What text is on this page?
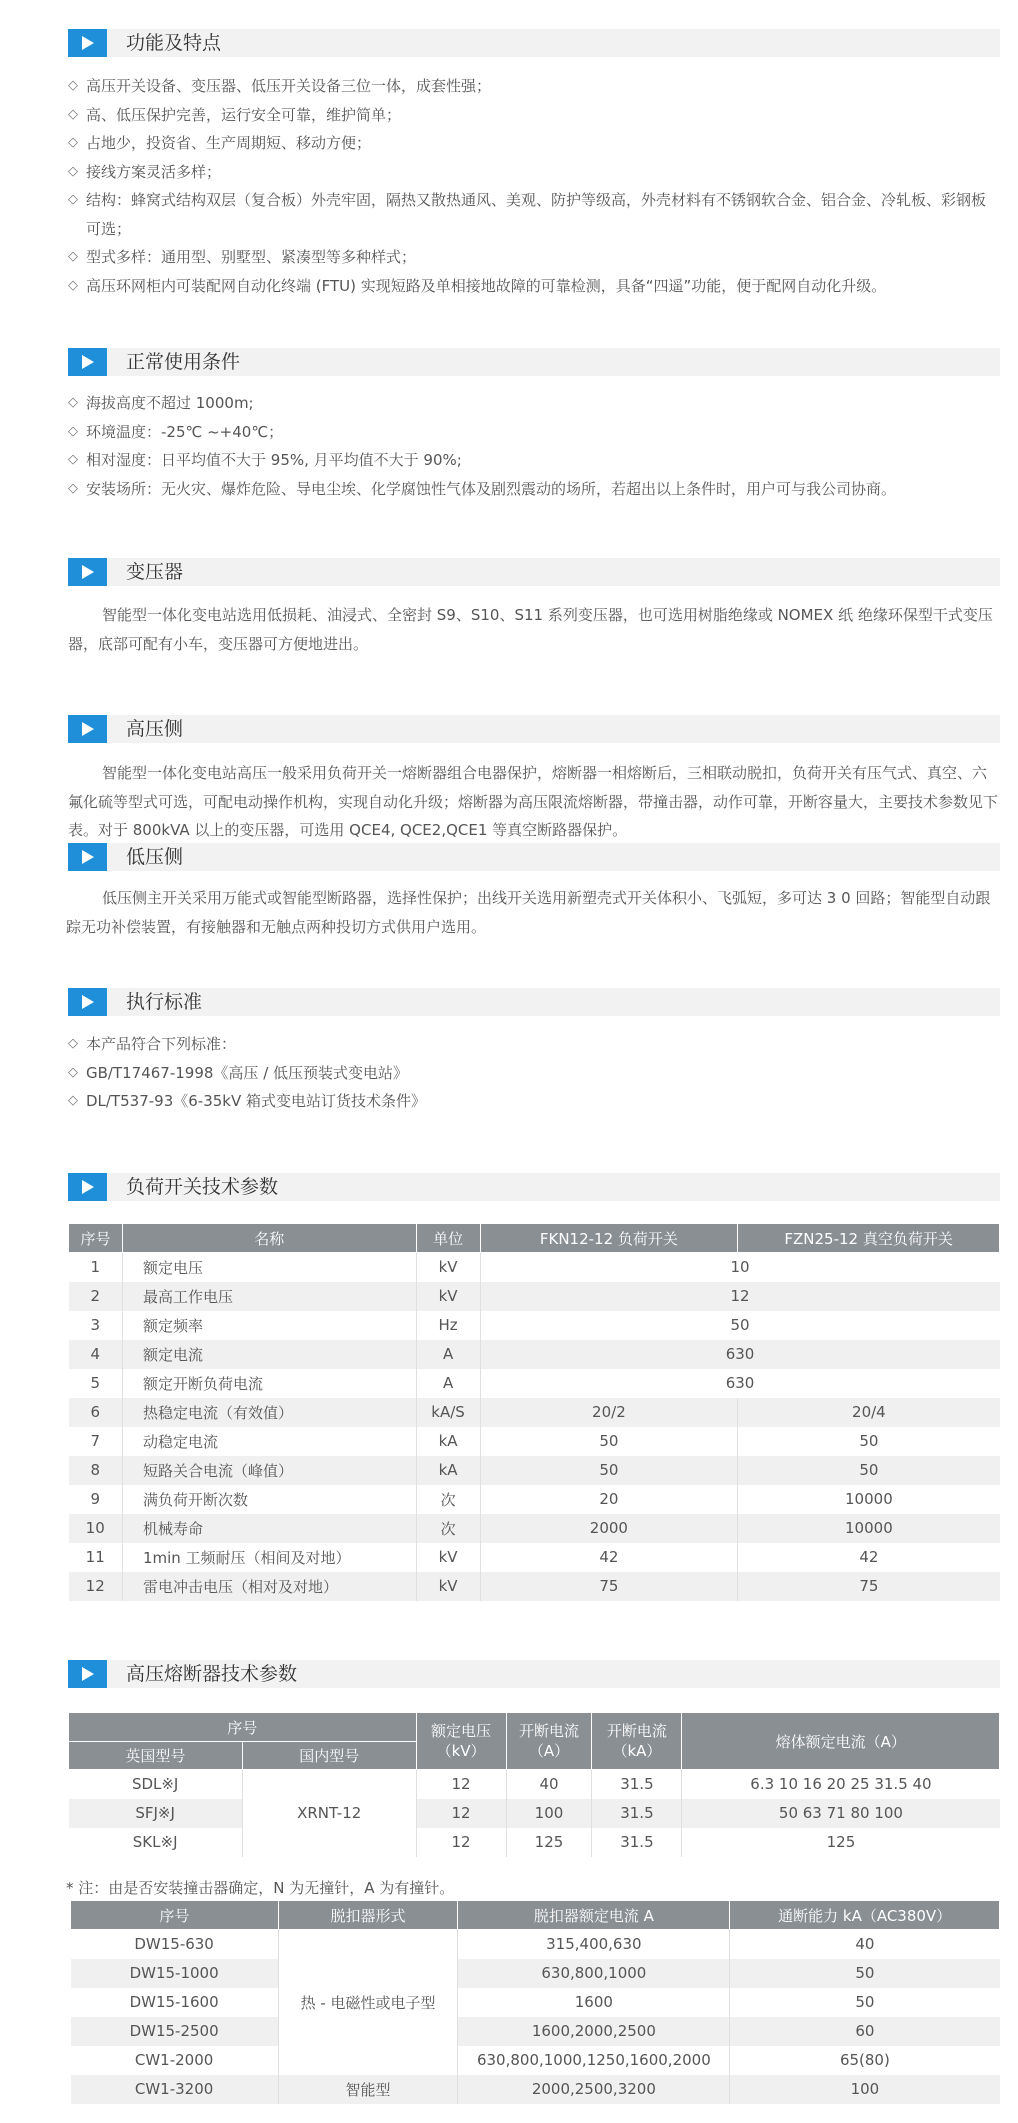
功能及特点
◇ 高压开关设备、变压器、低压开关设备三位一体，成套性强；
◇ 高、低压保护完善，运行安全可靠，维护简单；
◇ 占地少，投资省、生产周期短、移动方便；
◇ 接线方案灵活多样；
◇ 结构：蜂窝式结构双层（复合板）外壳牢固，隔热又散热通风、美观、防护等级高，外壳材料有不锈钢软合金、铝合金、冷轧板、彩钢板可选；
◇ 型式多样：通用型、别墅型、紧凑型等多种样式；
◇ 高压环网柜内可装配网自动化终端 (FTU) 实现短路及单相接地故障的可靠检测，具备“四遥”功能，便于配网自动化升级。
正常使用条件
◇ 海拔高度不超过 1000m;
◇ 环境温度：-25℃ ~+40℃；
◇ 相对湿度：日平均值不大于 95%, 月平均值不大于 90%;
◇ 安装场所：无火灾、爆炸危险、导电尘埃、化学腐蚀性气体及剧烈震动的场所，若超出以上条件时，用户可与我公司协商。
变压器
智能型一体化变电站选用低损耗、油浸式、全密封 S9、S10、S11 系列变压器，也可选用树脂绝缘或 NOMEX 纸 绝缘环保型干式变压器，底部可配有小车，变压器可方便地进出。
高压侧
智能型一体化变电站高压一般采用负荷开关一熔断器组合电器保护，熔断器一相熔断后，三相联动脱扣，负荷开关有压气式、真空、六氟化硫等型式可选，可配电动操作机构，实现自动化升级；熔断器为高压限流熔断器，带撞击器，动作可靠，开断容量大，主要技术参数见下表。对于 800kVA 以上的变压器，可选用 QCE4, QCE2,QCE1 等真空断路器保护。
低压侧
低压侧主开关采用万能式或智能型断路器，选择性保护；出线开关选用新塑壳式开关体积小、飞弧短，多可达 3 0 回路；智能型自动跟踪无功补偿装置，有接触器和无触点两种投切方式供用户选用。
执行标准
◇ 本产品符合下列标准：
◇ GB/T17467-1998《高压 / 低压预装式变电站》
◇ DL/T537-93《6-35kV 箱式变电站订货技术条件》
负荷开关技术参数
序号	名称	单位	FKN12-12 负荷开关	FZN25-12 真空负荷开关
1	额定电压	kV	10	
2	最高工作电压	kV	12	
3	额定频率	Hz	50	
4	额定电流	A	630	
5	额定开断负荷电流	A	630	
6	热稳定电流（有效值）	kA/S	20/2	20/4
7	动稳定电流	kA	50	50
8	短路关合电流（峰值）	kA	50	50
9	满负荷开断次数	次	20	10000
10	机械寿命	次	2000	10000
11	1min 工频耐压（相间及对地）	kV	42	42
12	雷电冲击电压（相对及对地）	kV	75	75
高压熔断器技术参数
序号		额定电压（kV）	开断电流（A）	开断电流（kA）	熔体额定电流（A）
英国型号	国内型号				
SDL※J	XRNT-12	12	40	31.5	6.3 10 16 20 25 31.5 40
SFJ※J		12	100	31.5	50 63 71 80 100
SKL※J		12	125	31.5	125
* 注：由是否安装撞击器确定，N 为无撞针，A 为有撞针。
序号	脱扣器形式	脱扣器额定电流 A	通断能力 kA（AC380V）
DW15-630	热 - 电磁性或电子型	315,400,630	40
DW15-1000		630,800,1000	50
DW15-1600		1600	50
DW15-2500		1600,2000,2500	60
CW1-2000		630,800,1000,1250,1600,2000	65(80)
CW1-3200	智能型	2000,2500,3200	100
